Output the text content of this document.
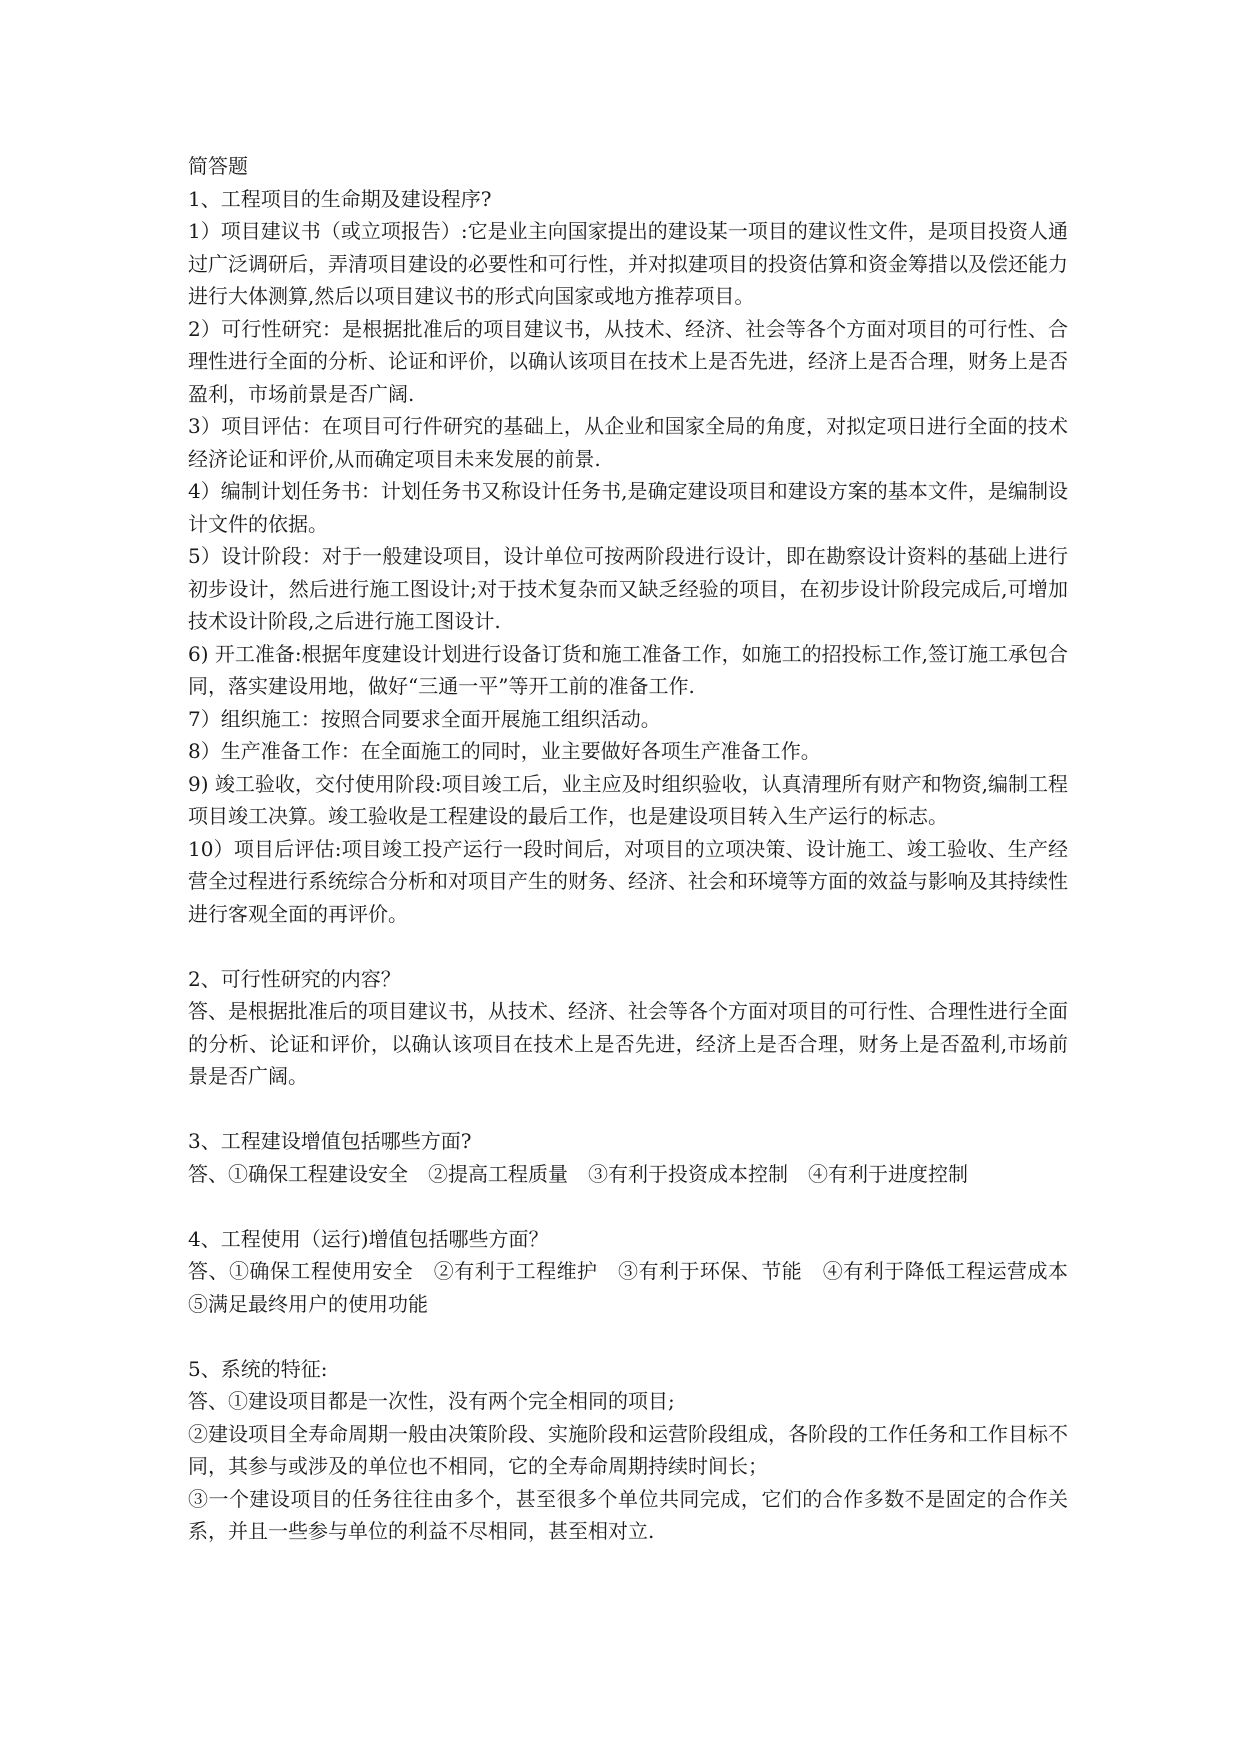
简答题

1、工程项目的生命期及建设程序?

1）项目建议书（或立项报告）:它是业主向国家提出的建设某一项目的建议性文件，是项目投资人通过广泛调研后，弄清项目建设的必要性和可行性，并对拟建项目的投资估算和资金筹措以及偿还能力进行大体测算,然后以项目建议书的形式向国家或地方推荐项目。

2）可行性研究：是根据批准后的项目建议书，从技术、经济、社会等各个方面对项目的可行性、合理性进行全面的分析、论证和评价，以确认该项目在技术上是否先进，经济上是否合理，财务上是否盈利，市场前景是否广阔.

3）项目评估：在项目可行件研究的基础上，从企业和国家全局的角度，对拟定项日进行全面的技术经济论证和评价,从而确定项目未来发展的前景.

4）编制计划任务书：计划任务书又称设计任务书,是确定建设项目和建设方案的基本文件，是编制设计文件的依据。

5）设计阶段：对于一般建设项目，设计单位可按两阶段进行设计，即在勘察设计资料的基础上进行初步设计，然后进行施工图设计;对于技术复杂而又缺乏经验的项目，在初步设计阶段完成后,可增加技术设计阶段,之后进行施工图设计.

6) 开工准备:根据年度建设计划进行设备订货和施工准备工作，如施工的招投标工作,签订施工承包合同，落实建设用地，做好“三通一平”等开工前的准备工作.

7）组织施工：按照合同要求全面开展施工组织活动。

8）生产准备工作：在全面施工的同时，业主要做好各项生产准备工作。

9) 竣工验收，交付使用阶段:项目竣工后，业主应及时组织验收，认真清理所有财产和物资,编制工程项目竣工决算。竣工验收是工程建设的最后工作，也是建设项目转入生产运行的标志。

10）项目后评估:项目竣工投产运行一段时间后，对项目的立项决策、设计施工、竣工验收、生产经营全过程进行系统综合分析和对项目产生的财务、经济、社会和环境等方面的效益与影响及其持续性进行客观全面的再评价。

2、可行性研究的内容？

答、是根据批准后的项目建议书，从技术、经济、社会等各个方面对项目的可行性、合理性进行全面的分析、论证和评价，以确认该项目在技术上是否先进，经济上是否合理，财务上是否盈利,市场前景是否广阔。

3、工程建设增值包括哪些方面?

答、①确保工程建设安全　②提高工程质量　③有利于投资成本控制　④有利于进度控制

4、工程使用（运行)增值包括哪些方面？

答、①确保工程使用安全　②有利于工程维护　③有利于环保、节能　④有利于降低工程运营成本　⑤满足最终用户的使用功能

5、系统的特征:

答、①建设项目都是一次性，没有两个完全相同的项目;

②建设项目全寿命周期一般由决策阶段、实施阶段和运营阶段组成，各阶段的工作任务和工作目标不同，其参与或涉及的单位也不相同，它的全寿命周期持续时间长；

③一个建设项目的任务往往由多个，甚至很多个单位共同完成，它们的合作多数不是固定的合作关系，并且一些参与单位的利益不尽相同，甚至相对立.
